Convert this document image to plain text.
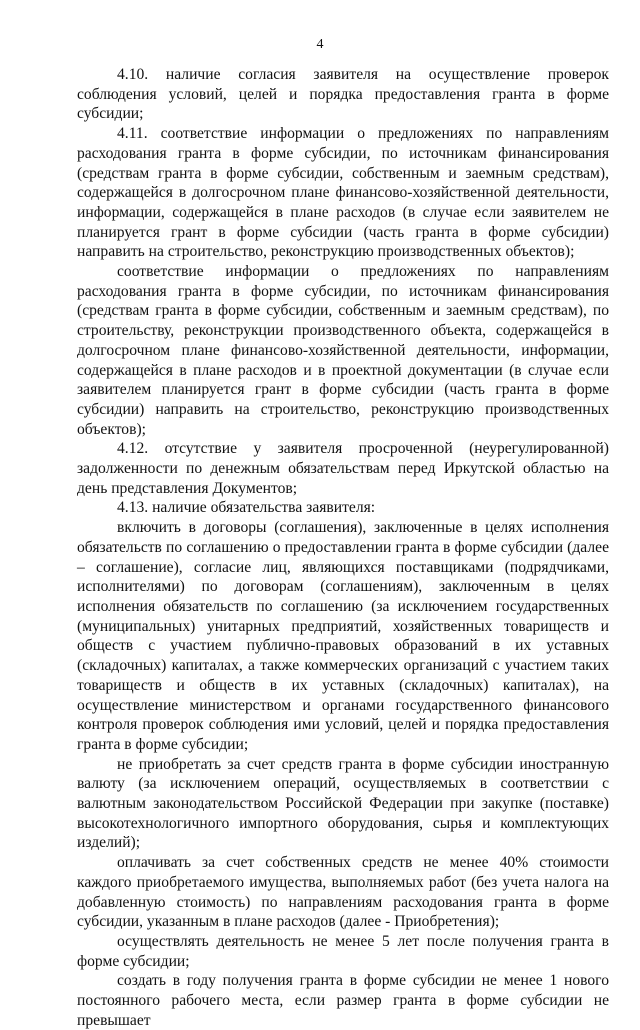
4

4.10. наличие согласия заявителя на осуществление проверок соблюдения условий, целей и порядка предоставления гранта в форме субсидии;

4.11. соответствие информации о предложениях по направлениям расходования гранта в форме субсидии, по источникам финансирования (средствам гранта в форме субсидии, собственным и заемным средствам), содержащейся в долгосрочном плане финансово-хозяйственной деятельности, информации, содержащейся в плане расходов (в случае если заявителем не планируется грант в форме субсидии (часть гранта в форме субсидии) направить на строительство, реконструкцию производственных объектов);

соответствие информации о предложениях по направлениям расходования гранта в форме субсидии, по источникам финансирования (средствам гранта в форме субсидии, собственным и заемным средствам), по строительству, реконструкции производственного объекта, содержащейся в долгосрочном плане финансово-хозяйственной деятельности, информации, содержащейся в плане расходов и в проектной документации (в случае если заявителем планируется грант в форме субсидии (часть гранта в форме субсидии) направить на строительство, реконструкцию производственных объектов);

4.12. отсутствие у заявителя просроченной (неурегулированной) задолженности по денежным обязательствам перед Иркутской областью на день представления Документов;

4.13. наличие обязательства заявителя:

включить в договоры (соглашения), заключенные в целях исполнения обязательств по соглашению о предоставлении гранта в форме субсидии (далее – соглашение), согласие лиц, являющихся поставщиками (подрядчиками, исполнителями) по договорам (соглашениям), заключенным в целях исполнения обязательств по соглашению (за исключением государственных (муниципальных) унитарных предприятий, хозяйственных товариществ и обществ с участием публично-правовых образований в их уставных (складочных) капиталах, а также коммерческих организаций с участием таких товариществ и обществ в их уставных (складочных) капиталах), на осуществление министерством и органами государственного финансового контроля проверок соблюдения ими условий, целей и порядка предоставления гранта в форме субсидии;

не приобретать за счет средств гранта в форме субсидии иностранную валюту (за исключением операций, осуществляемых в соответствии с валютным законодательством Российской Федерации при закупке (поставке) высокотехнологичного импортного оборудования, сырья и комплектующих изделий);

оплачивать за счет собственных средств не менее 40% стоимости каждого приобретаемого имущества, выполняемых работ (без учета налога на добавленную стоимость) по направлениям расходования гранта в форме субсидии, указанным в плане расходов (далее - Приобретения);

осуществлять деятельность не менее 5 лет после получения гранта в форме субсидии;

создать в году получения гранта в форме субсидии не менее 1 нового постоянного рабочего места, если размер гранта в форме субсидии не превышает
